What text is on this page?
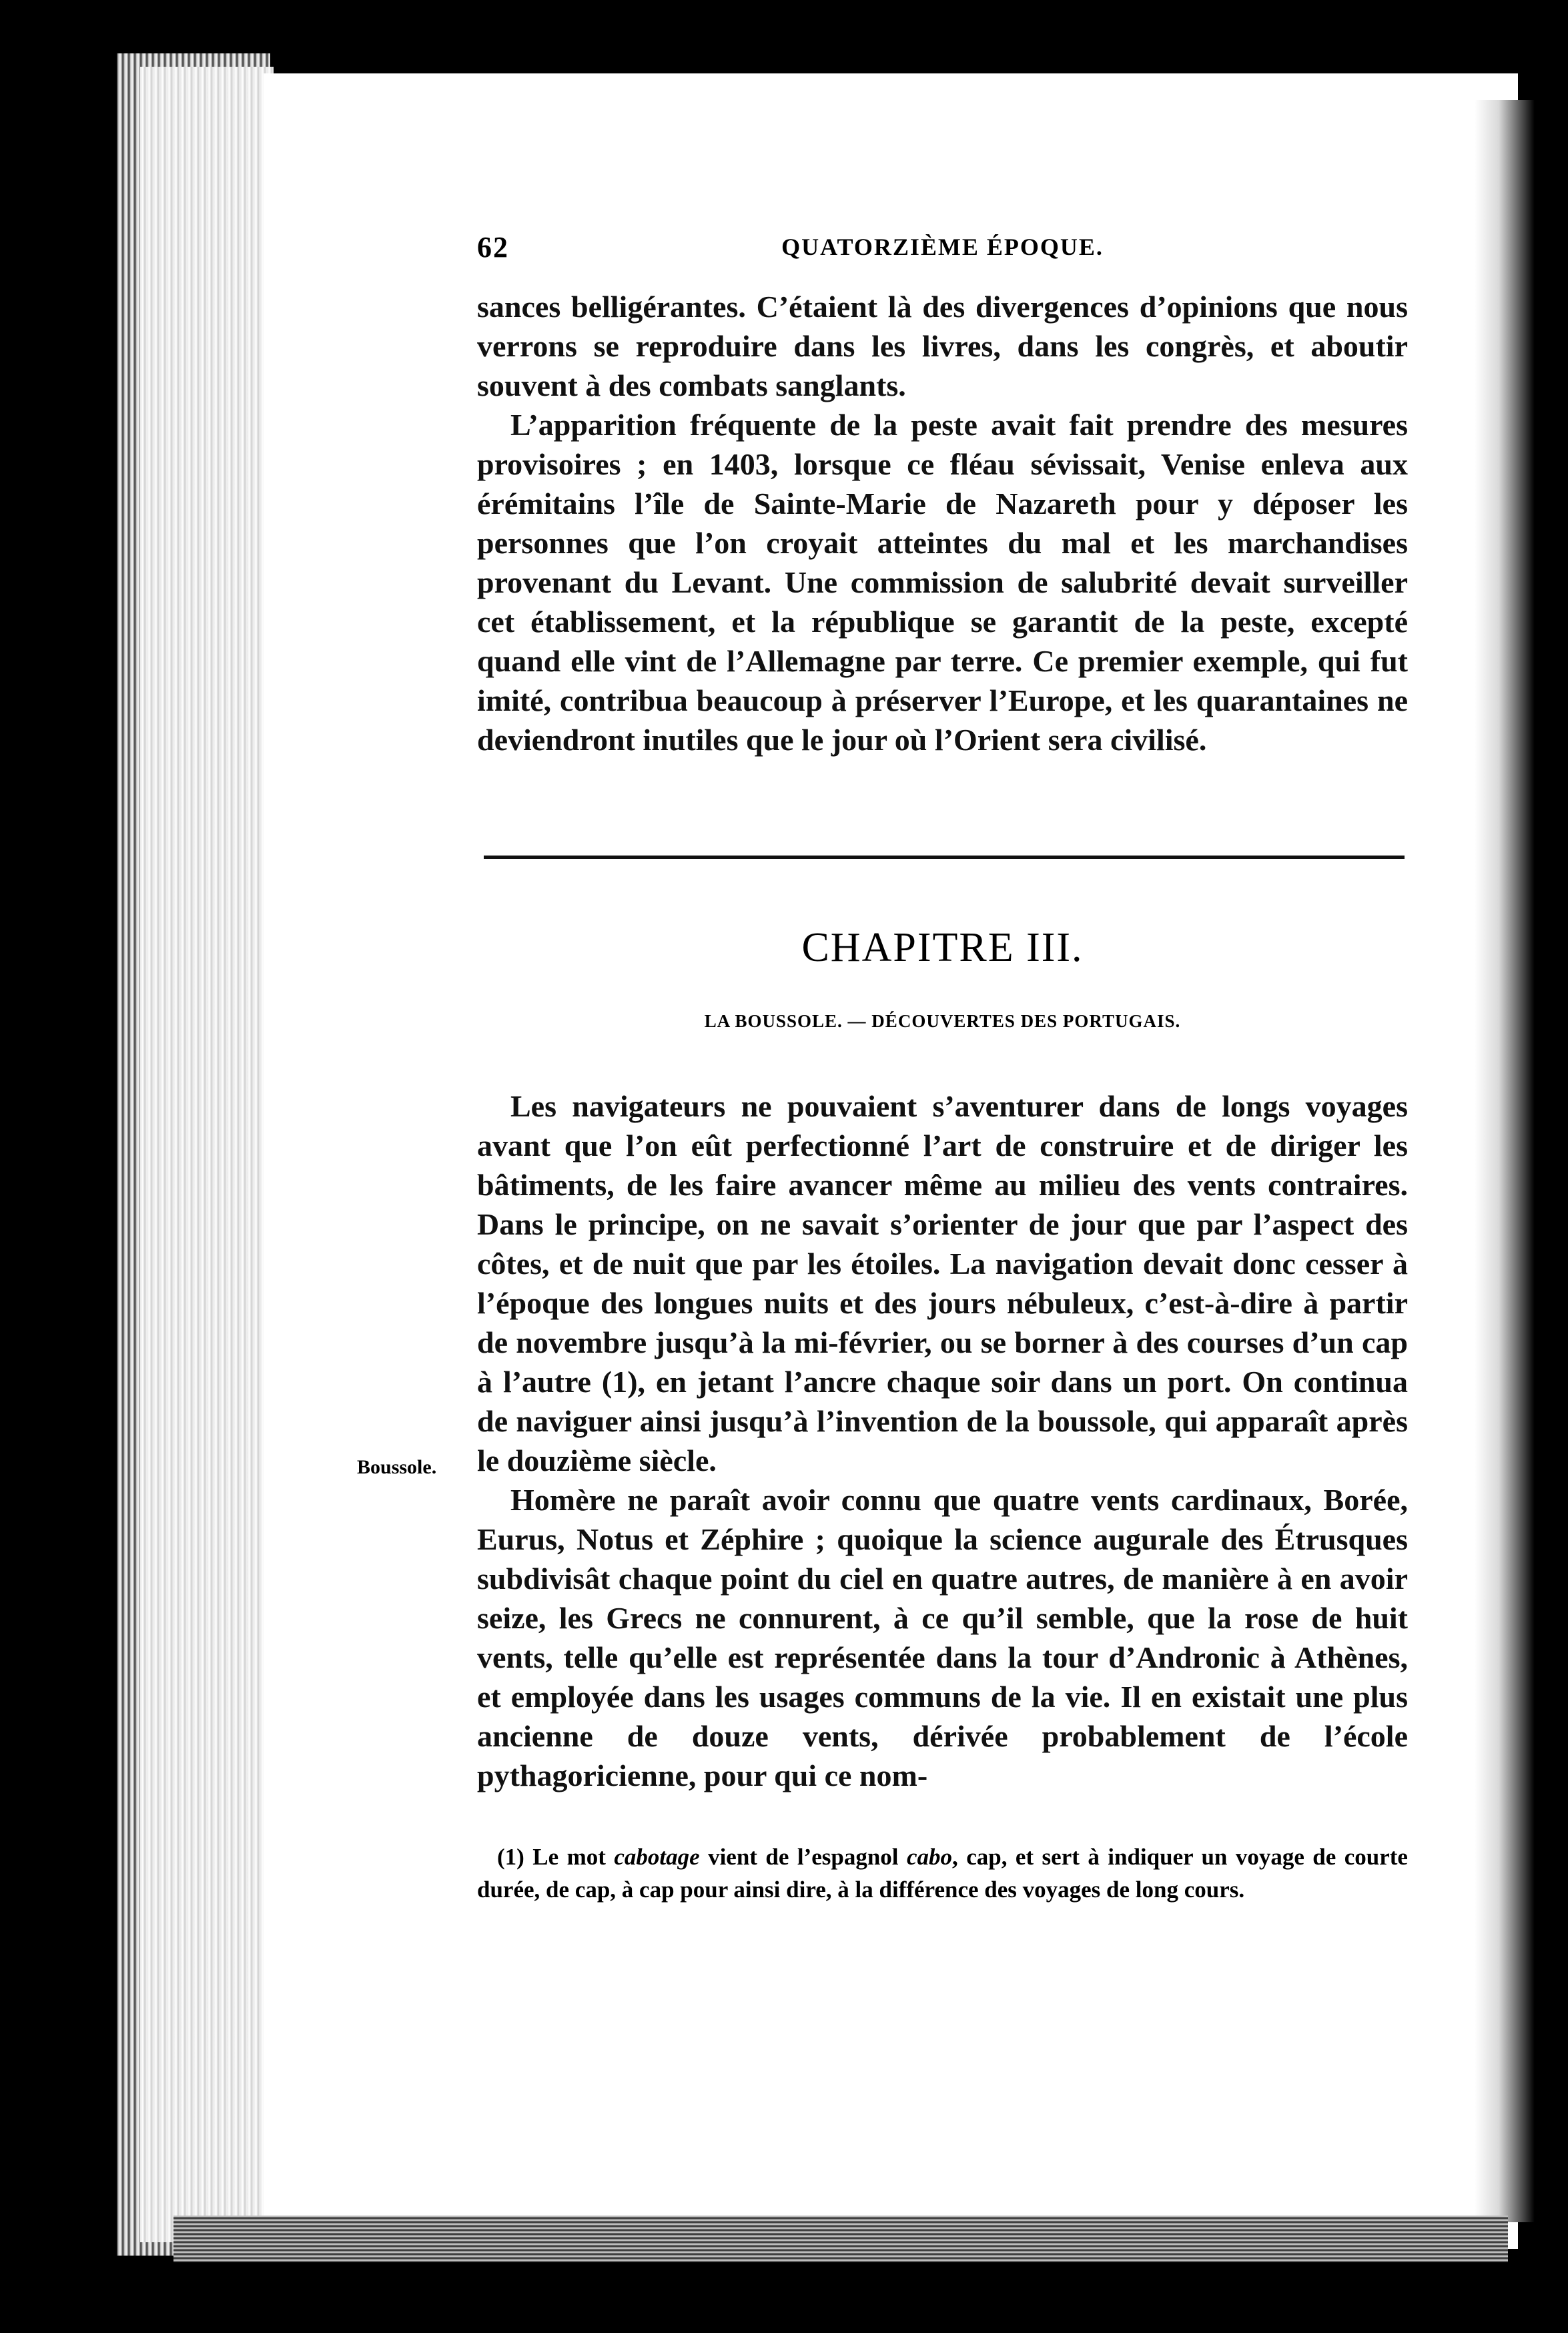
62	QUATORZIÈME ÉPOQUE.

sances belligérantes. C’étaient là des divergences d’opinions que nous verrons se reproduire dans les livres, dans les congrès, et aboutir souvent à des combats sanglants.

L’apparition fréquente de la peste avait fait prendre des mesures provisoires ; en 1403, lorsque ce fléau sévissait, Venise enleva aux érémitains l’île de Sainte-Marie de Nazareth pour y déposer les personnes que l’on croyait atteintes du mal et les marchandises provenant du Levant. Une commission de salubrité devait surveiller cet établissement, et la république se garantit de la peste, excepté quand elle vint de l’Allemagne par terre. Ce premier exemple, qui fut imité, contribua beaucoup à préserver l’Europe, et les quarantaines ne deviendront inutiles que le jour où l’Orient sera civilisé.

CHAPITRE III.
LA BOUSSOLE. — DÉCOUVERTES DES PORTUGAIS.

Les navigateurs ne pouvaient s’aventurer dans de longs voyages avant que l’on eût perfectionné l’art de construire et de diriger les bâtiments, de les faire avancer même au milieu des vents contraires. Dans le principe, on ne savait s’orienter de jour que par l’aspect des côtes, et de nuit que par les étoiles. La navigation devait donc cesser à l’époque des longues nuits et des jours nébuleux, c’est-à-dire à partir de novembre jusqu’à la mi-février, ou se borner à des courses d’un cap à l’autre (1), en jetant l’ancre chaque soir dans un port. On continua de naviguer ainsi jusqu’à l’invention de la boussole, qui apparaît après le douzième siècle.

Homère ne paraît avoir connu que quatre vents cardinaux, Borée, Eurus, Notus et Zéphire ; quoique la science augurale des Étrusques subdivisât chaque point du ciel en quatre autres, de manière à en avoir seize, les Grecs ne connurent, à ce qu’il semble, que la rose de huit vents, telle qu’elle est représentée dans la tour d’Andronic à Athènes, et employée dans les usages communs de la vie. Il en existait une plus ancienne de douze vents, dérivée probablement de l’école pythagoricienne, pour qui ce nom-

Boussole.

(1) Le mot cabotage vient de l’espagnol cabo, cap, et sert à indiquer un voyage de courte durée, de cap, à cap pour ainsi dire, à la différence des voyages de long cours.
